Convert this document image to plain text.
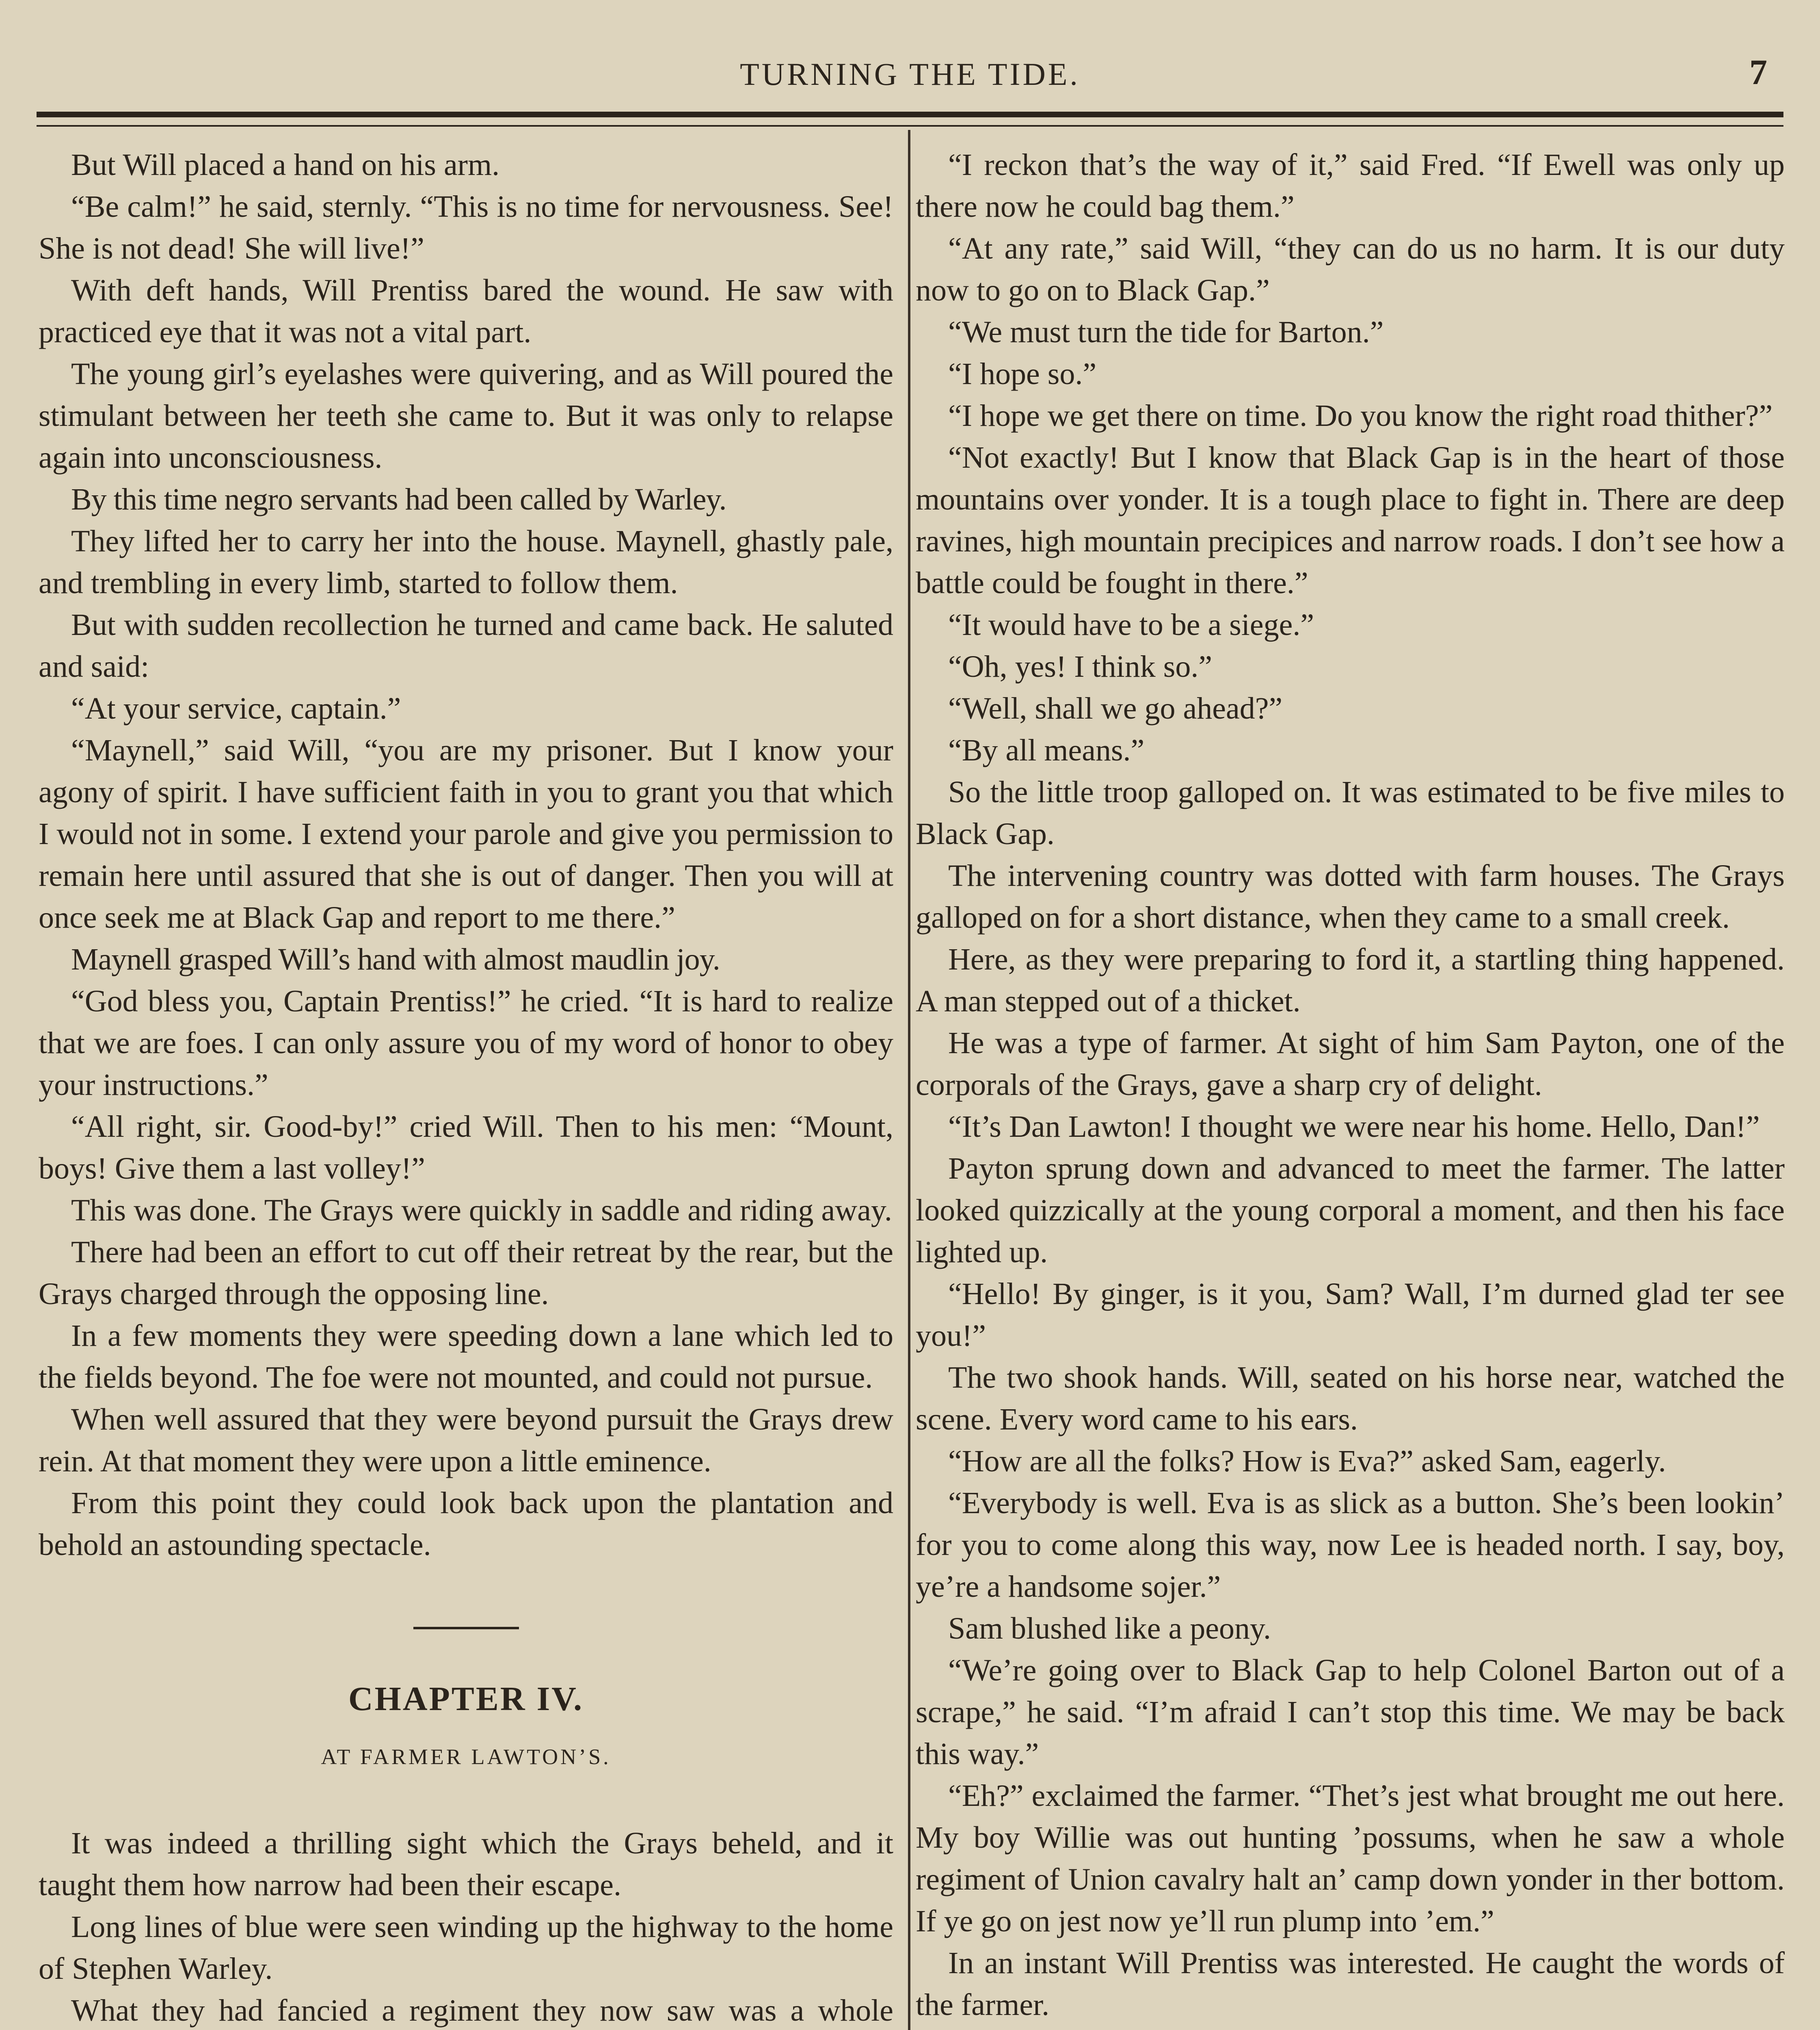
TURNING THE TIDE.	7

But Will placed a hand on his arm.

“Be calm!” he said, sternly. “This is no time for nervousness. See! She is not dead! She will live!”

With deft hands, Will Prentiss bared the wound. He saw with practiced eye that it was not a vital part.

The young girl’s eyelashes were quivering, and as Will poured the stimulant between her teeth she came to. But it was only to relapse again into unconsciousness.

By this time negro servants had been called by Warley.

They lifted her to carry her into the house. Maynell, ghastly pale, and trembling in every limb, started to follow them.

But with sudden recollection he turned and came back. He saluted and said:

“At your service, captain.”

“Maynell,” said Will, “you are my prisoner. But I know your agony of spirit. I have sufficient faith in you to grant you that which I would not in some. I extend your parole and give you permission to remain here until assured that she is out of danger. Then you will at once seek me at Black Gap and report to me there.”

Maynell grasped Will’s hand with almost maudlin joy.

“God bless you, Captain Prentiss!” he cried. “It is hard to realize that we are foes. I can only assure you of my word of honor to obey your instructions.”

“All right, sir. Good-by!” cried Will. Then to his men: “Mount, boys! Give them a last volley!”

This was done. The Grays were quickly in saddle and riding away.

There had been an effort to cut off their retreat by the rear, but the Grays charged through the opposing line.

In a few moments they were speeding down a lane which led to the fields beyond. The foe were not mounted, and could not pursue.

When well assured that they were beyond pursuit the Grays drew rein. At that moment they were upon a little eminence.

From this point they could look back upon the plantation and behold an astounding spectacle.

CHAPTER IV.
AT FARMER LAWTON’S.

It was indeed a thrilling sight which the Grays beheld, and it taught them how narrow had been their escape.

Long lines of blue were seen winding up the highway to the home of Stephen Warley.

What they had fancied a regiment they now saw was a whole

“I reckon that’s the way of it,” said Fred. “If Ewell was only up there now he could bag them.”

“At any rate,” said Will, “they can do us no harm. It is our duty now to go on to Black Gap.”

“We must turn the tide for Barton.”

“I hope so.”

“I hope we get there on time. Do you know the right road thither?”

“Not exactly! But I know that Black Gap is in the heart of those mountains over yonder. It is a tough place to fight in. There are deep ravines, high mountain precipices and narrow roads. I don’t see how a battle could be fought in there.”

“It would have to be a siege.”

“Oh, yes! I think so.”

“Well, shall we go ahead?”

“By all means.”

So the little troop galloped on. It was estimated to be five miles to Black Gap.

The intervening country was dotted with farm houses. The Grays galloped on for a short distance, when they came to a small creek.

Here, as they were preparing to ford it, a startling thing happened. A man stepped out of a thicket.

He was a type of farmer. At sight of him Sam Payton, one of the corporals of the Grays, gave a sharp cry of delight.

“It’s Dan Lawton! I thought we were near his home. Hello, Dan!”

Payton sprung down and advanced to meet the farmer. The latter looked quizzically at the young corporal a moment, and then his face lighted up.

“Hello! By ginger, is it you, Sam? Wall, I’m durned glad ter see you!”

The two shook hands. Will, seated on his horse near, watched the scene. Every word came to his ears.

“How are all the folks? How is Eva?” asked Sam, eagerly.

“Everybody is well. Eva is as slick as a button. She’s been lookin’ for you to come along this way, now Lee is headed north. I say, boy, ye’re a handsome sojer.”

Sam blushed like a peony.

“We’re going over to Black Gap to help Colonel Barton out of a scrape,” he said. “I’m afraid I can’t stop this time. We may be back this way.”

“Eh?” exclaimed the farmer. “Thet’s jest what brought me out here. My boy Willie was out hunting ’possums, when he saw a whole regiment of Union cavalry halt an’ camp down yonder in ther bottom. If ye go on jest now ye’ll run plump into ’em.”

In an instant Will Prentiss was interested. He caught the words of the farmer.
